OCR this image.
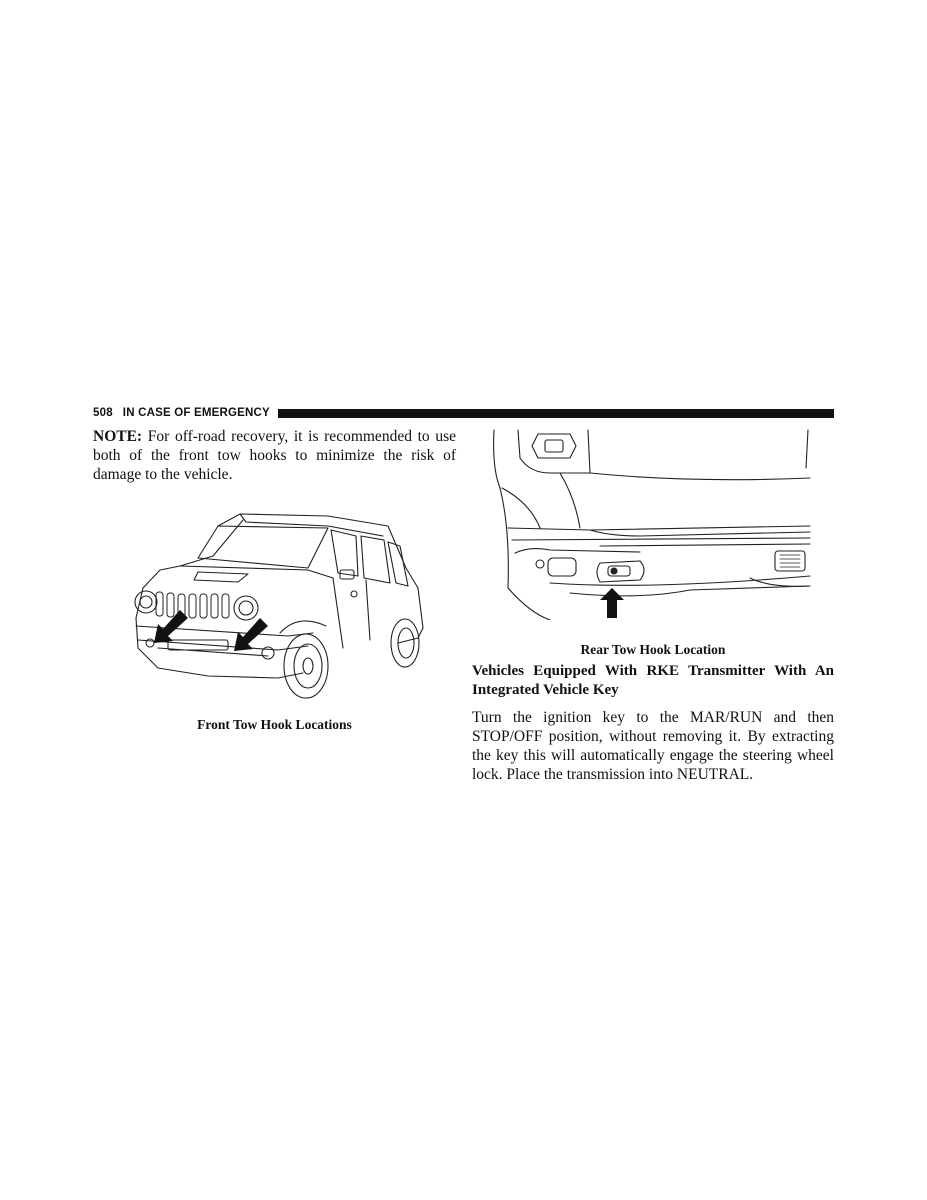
508 IN CASE OF EMERGENCY

NOTE: For off-road recovery, it is recommended to use both of the front tow hooks to minimize the risk of damage to the vehicle.

Front Tow Hook Locations

Rear Tow Hook Location

Vehicles Equipped With RKE Transmitter With An Integrated Vehicle Key

Turn the ignition key to the MAR/RUN and then STOP/OFF position, without removing it. By extracting the key this will automatically engage the steering wheel lock. Place the transmission into NEUTRAL.
